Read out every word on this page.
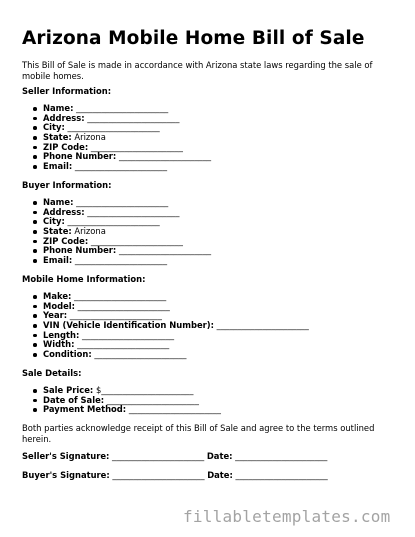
Arizona Mobile Home Bill of Sale

This Bill of Sale is made in accordance with Arizona state laws regarding the sale of mobile homes.

Seller Information:

Name: ______________________
Address: ______________________
City: ______________________
State: Arizona
ZIP Code: ______________________
Phone Number: ______________________
Email: ______________________

Buyer Information:

Name: ______________________
Address: ______________________
City: ______________________
State: Arizona
ZIP Code: ______________________
Phone Number: ______________________
Email: ______________________

Mobile Home Information:

Make: ______________________
Model: ______________________
Year: ______________________
VIN (Vehicle Identification Number): ______________________
Length: ______________________
Width: ______________________
Condition: ______________________

Sale Details:

Sale Price: $______________________
Date of Sale: ______________________
Payment Method: ______________________

Both parties acknowledge receipt of this Bill of Sale and agree to the terms outlined herein.

Seller's Signature: ______________________ Date: ______________________

Buyer's Signature: ______________________ Date: ______________________

fillabletemplates.com
